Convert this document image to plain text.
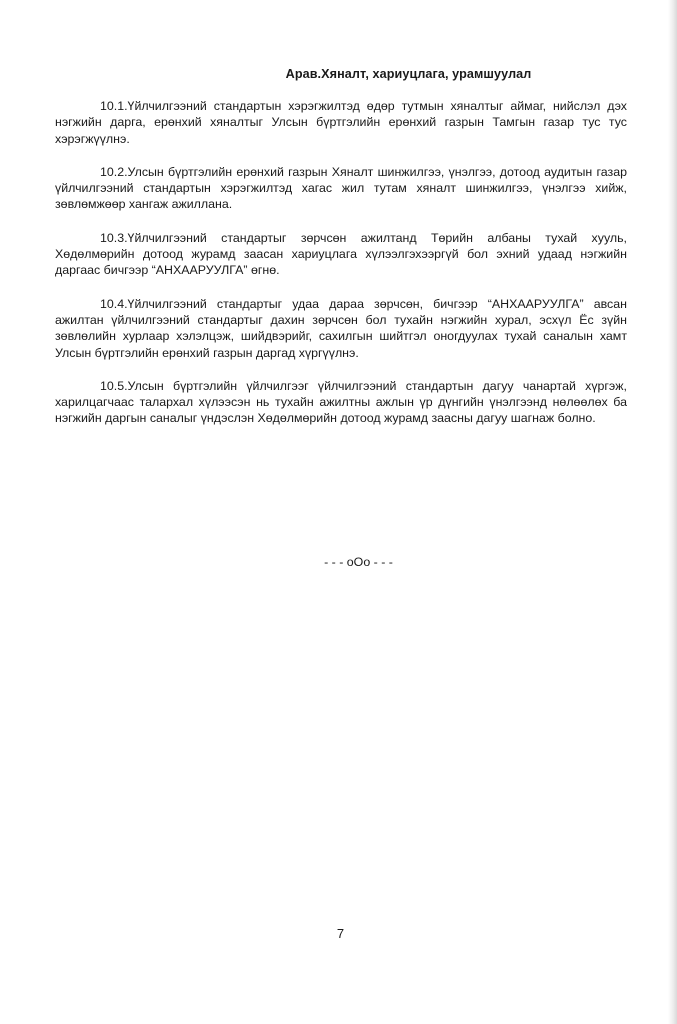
Арав.Хяналт, хариуцлага, урамшуулал

10.1.Үйлчилгээний стандартын хэрэгжилтэд өдөр тутмын хяналтыг аймаг, нийслэл дэх нэгжийн дарга, ерөнхий хяналтыг Улсын бүртгэлийн ерөнхий газрын Тамгын газар тус тус хэрэгжүүлнэ.

10.2.Улсын бүртгэлийн ерөнхий газрын Хяналт шинжилгээ, үнэлгээ, дотоод аудитын газар үйлчилгээний стандартын хэрэгжилтэд хагас жил тутам хяналт шинжилгээ, үнэлгээ хийж, зөвлөмжөөр хангаж ажиллана.

10.3.Үйлчилгээний стандартыг зөрчсөн ажилтанд Төрийн албаны тухай хууль, Хөдөлмөрийн дотоод журамд заасан хариуцлага хүлээлгэхээргүй бол эхний удаад нэгжийн даргаас бичгээр “АНХААРУУЛГА” өгнө.

10.4.Үйлчилгээний стандартыг удаа дараа зөрчсөн, бичгээр “АНХААРУУЛГА” авсан ажилтан үйлчилгээний стандартыг дахин зөрчсөн бол тухайн нэгжийн хурал, эсхүл Ёс зүйн зөвлөлийн хурлаар хэлэлцэж, шийдвэрийг, сахилгын шийтгэл оногдуулах тухай саналын хамт Улсын бүртгэлийн ерөнхий газрын даргад хүргүүлнэ.

10.5.Улсын бүртгэлийн үйлчилгээг үйлчилгээний стандартын дагуу чанартай хүргэж, харилцагчаас талархал хүлээсэн нь тухайн ажилтны ажлын үр дүнгийн үнэлгээнд нөлөөлөх ба нэгжийн даргын саналыг үндэслэн Хөдөлмөрийн дотоод журамд заасны дагуу шагнаж болно.

- - - oOo - - -
7
